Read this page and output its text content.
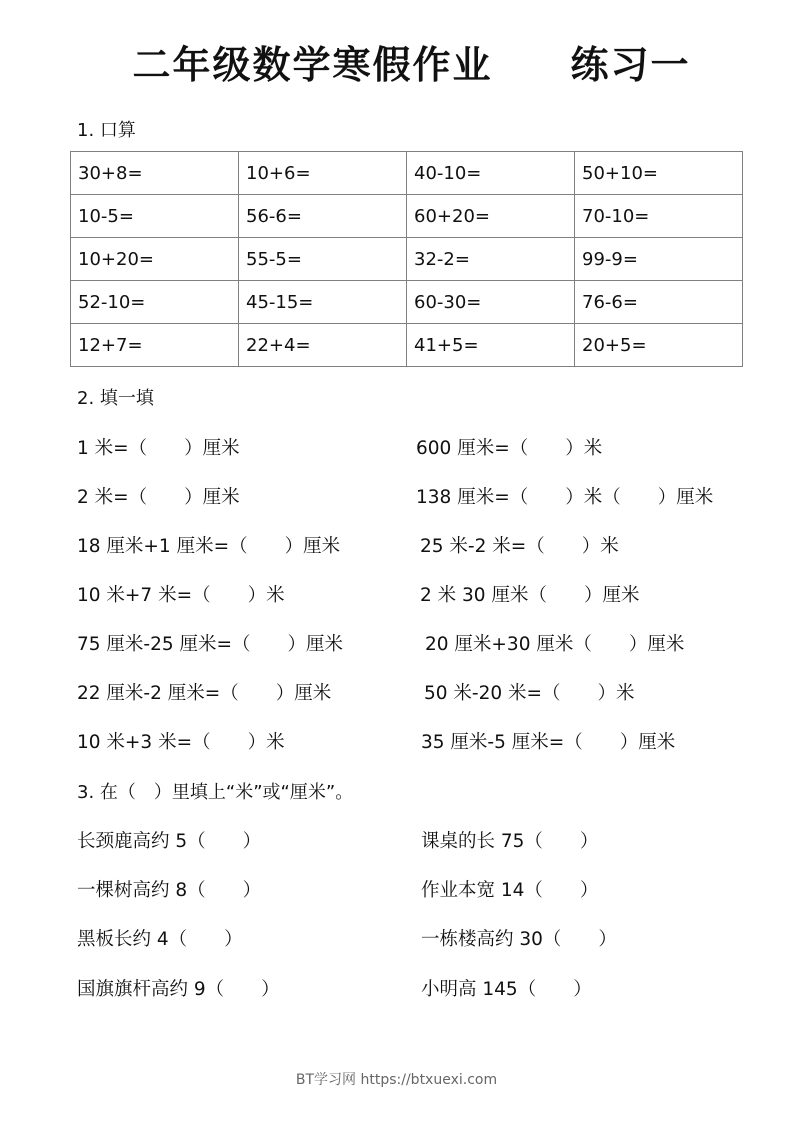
二年级数学寒假作业 练习一
1. 口算
30+8=	10+6=	40-10=	50+10=
10-5=	56-6=	60+20=	70-10=
10+20=	55-5=	32-2=	99-9=
52-10=	45-15=	60-30=	76-6=
12+7=	22+4=	41+5=	20+5=
2. 填一填
1 米=（　　）厘米	600 厘米=（　　）米
2 米=（　　）厘米	138 厘米=（　　）米（　　）厘米
18 厘米+1 厘米=（　　）厘米	25 米-2 米=（　　）米
10 米+7 米=（　　）米	2 米 30 厘米（　　）厘米
75 厘米-25 厘米=（　　）厘米	20 厘米+30 厘米（　　）厘米
22 厘米-2 厘米=（　　）厘米	50 米-20 米=（　　）米
10 米+3 米=（　　）米	35 厘米-5 厘米=（　　）厘米
3. 在（　）里填上“米”或“厘米”。
长颈鹿高约 5（　　）	课桌的长 75（　　）
一棵树高约 8（　　）	作业本宽 14（　　）
黑板长约 4（　　）	一栋楼高约 30（　　）
国旗旗杆高约 9（　　）	小明高 145（　　）
BT学习网 https://btxuexi.com
